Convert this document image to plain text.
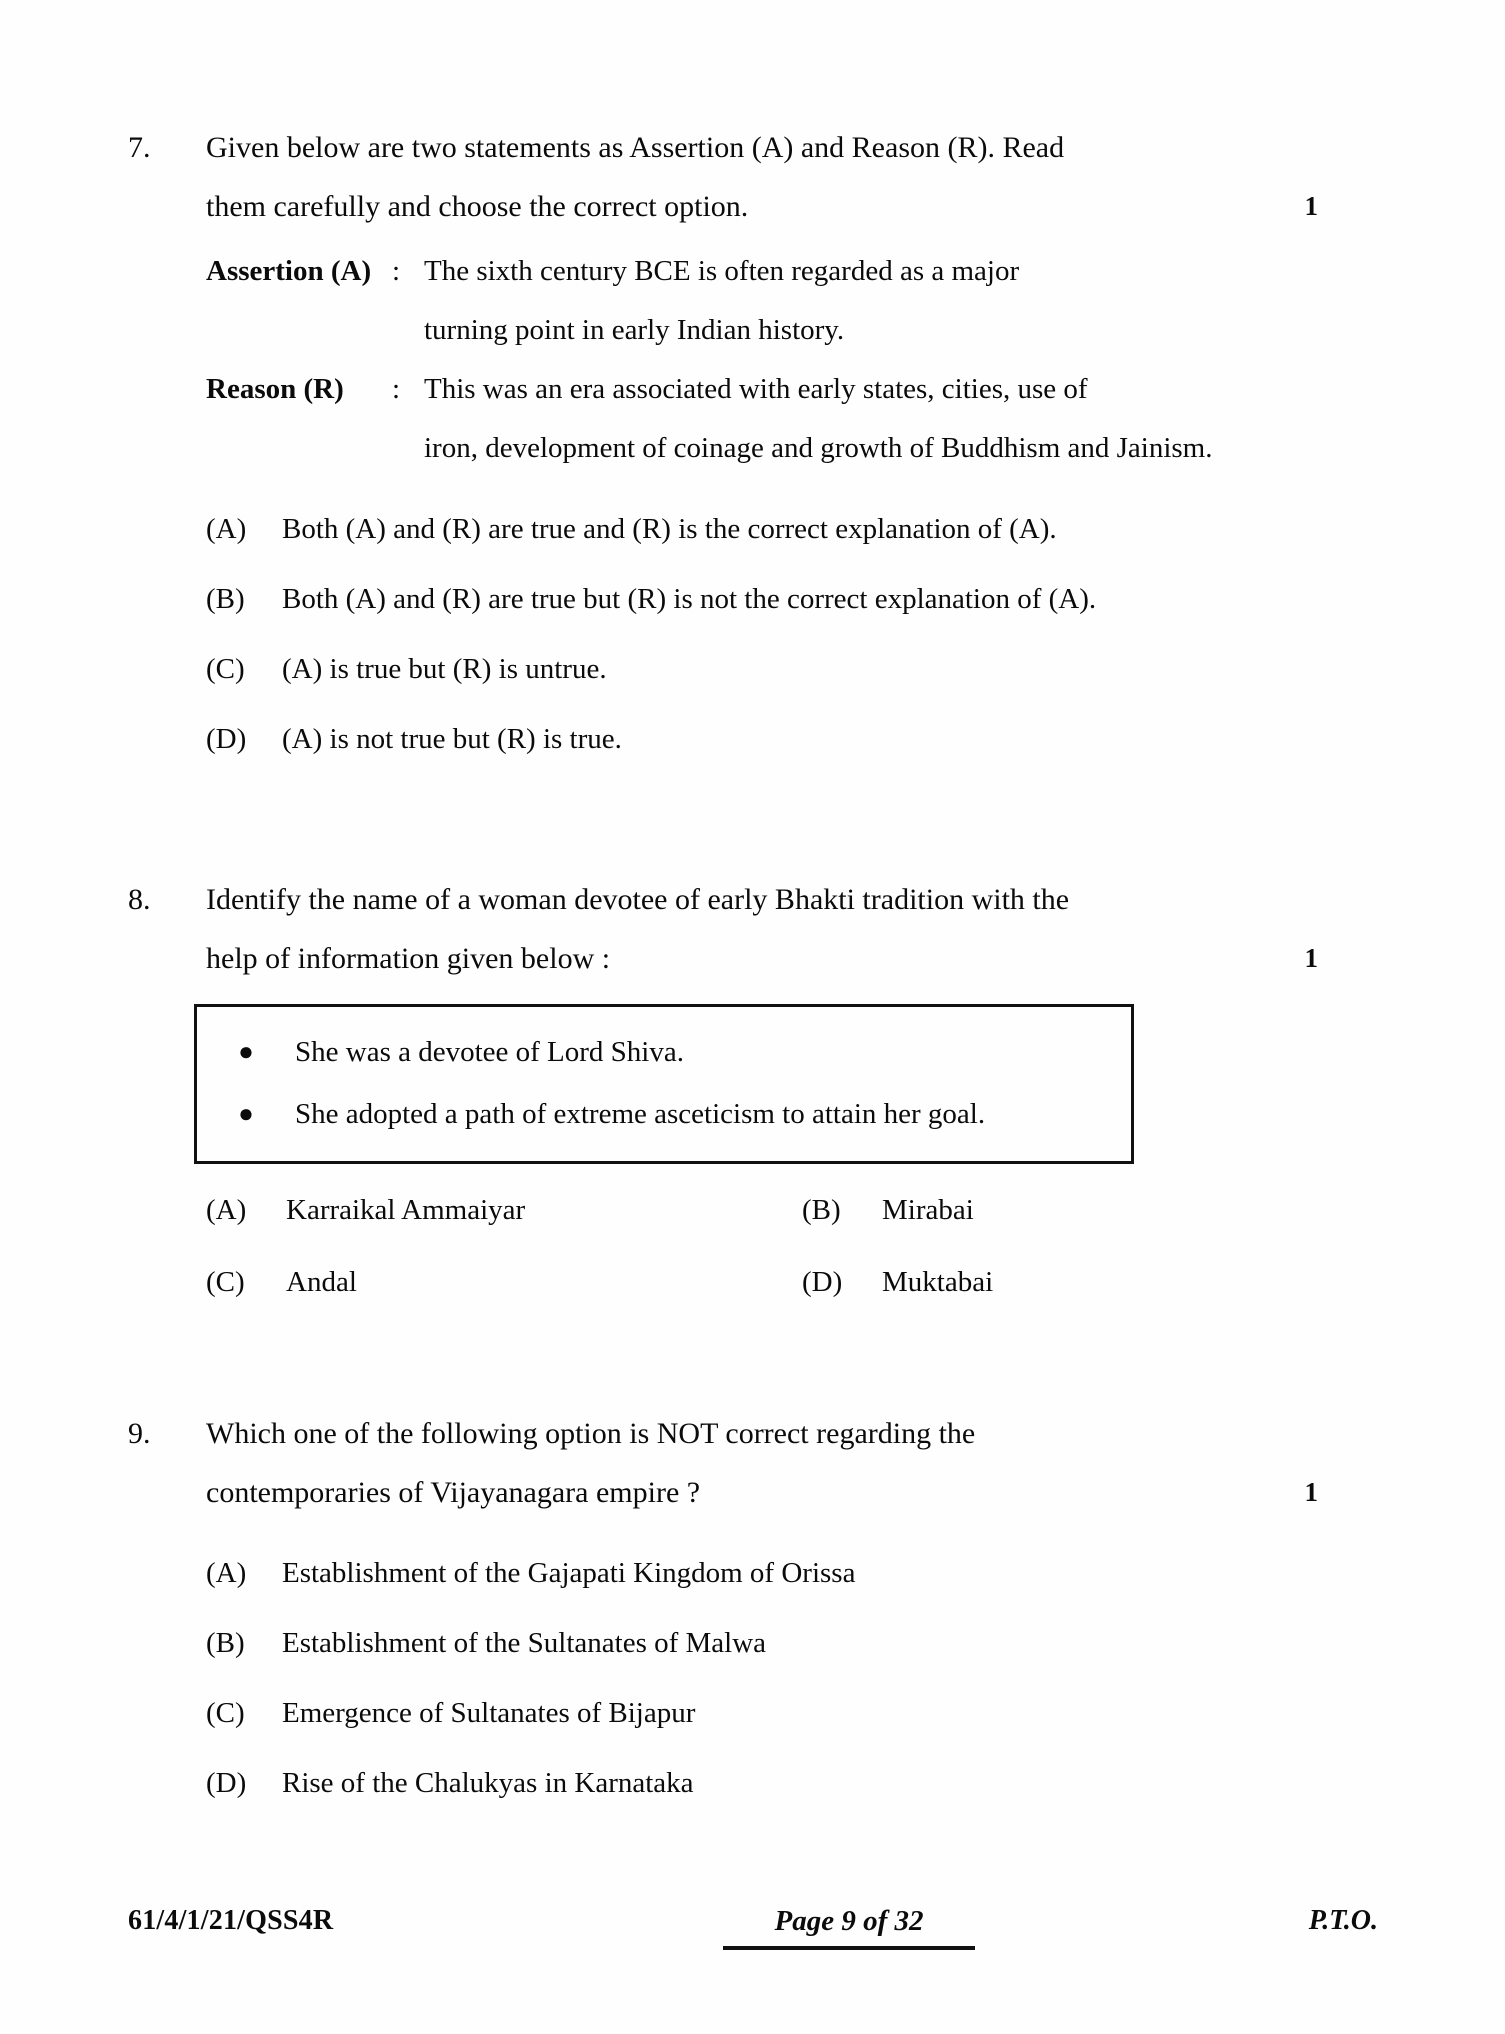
7.	Given below are two statements as Assertion (A) and Reason (R). Read
them carefully and choose the correct option.	1
Assertion (A) : The sixth century BCE is often regarded as a major
turning point in early Indian history.
Reason (R)	: This was an era associated with early states, cities, use of
iron, development of coinage and growth of Buddhism and Jainism.
(A)	Both (A) and (R) are true and (R) is the correct explanation of (A).
(B)	Both (A) and (R) are true but (R) is not the correct explanation of (A).
(C)	(A) is true but (R) is untrue.
(D)	(A) is not true but (R) is true.
8.	Identify the name of a woman devotee of early Bhakti tradition with the
help of information given below :	1
●	She was a devotee of Lord Shiva.
●	She adopted a path of extreme asceticism to attain her goal.
(A)	Karraikal Ammaiyar	(B)	Mirabai
(C)	Andal	(D)	Muktabai
9.	Which one of the following option is NOT correct regarding the
contemporaries of Vijayanagara empire ?	1
(A)	Establishment of the Gajapati Kingdom of Orissa
(B)	Establishment of the Sultanates of Malwa
(C)	Emergence of Sultanates of Bijapur
(D)	Rise of the Chalukyas in Karnataka
61/4/1/21/QSS4R	Page 9 of 32	P.T.O.
